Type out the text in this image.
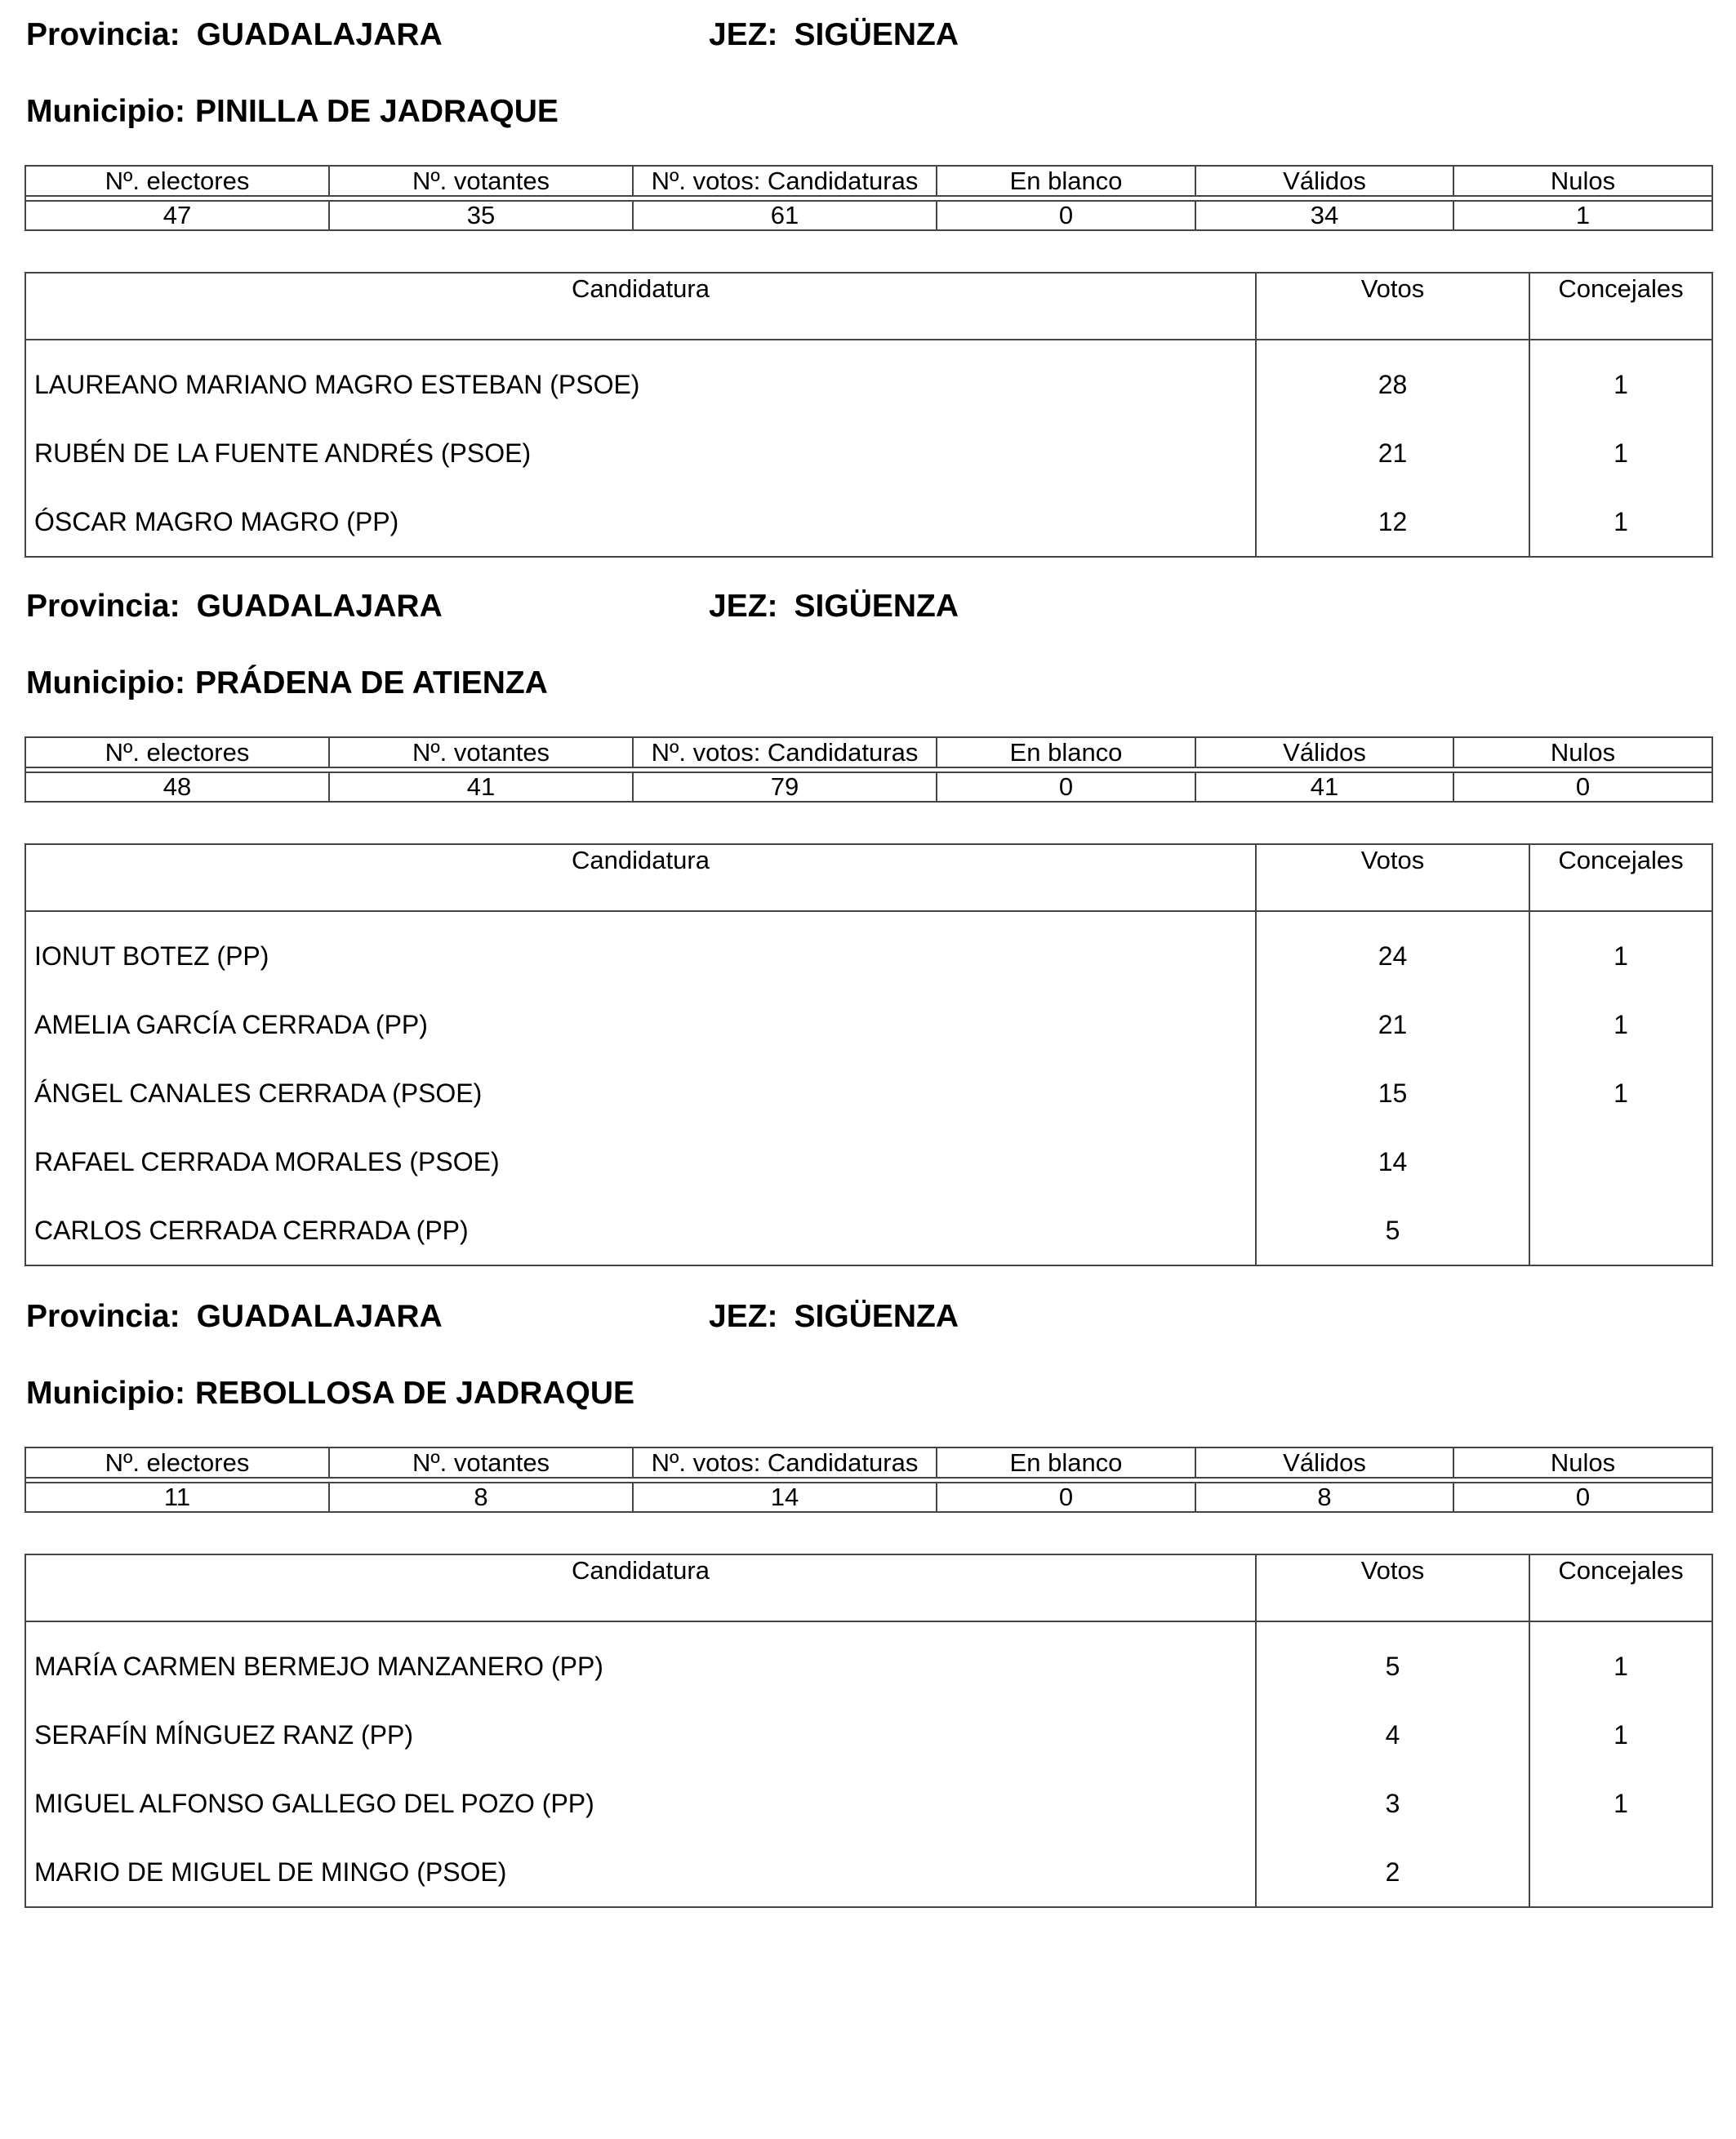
Provincia: GUADALAJARA	JEZ: SIGÜENZA
Municipio: PINILLA DE JADRAQUE
Nº. electores	Nº. votantes	Nº. votos: Candidaturas	En blanco	Válidos	Nulos

47	35	61	0	34	1
Candidatura	Votos	Concejales
LAUREANO MARIANO MAGRO ESTEBAN (PSOE)	28	1
RUBÉN DE LA FUENTE ANDRÉS (PSOE)	21	1
ÓSCAR MAGRO MAGRO (PP)	12	1
Provincia: GUADALAJARA	JEZ: SIGÜENZA
Municipio: PRÁDENA DE ATIENZA
Nº. electores	Nº. votantes	Nº. votos: Candidaturas	En blanco	Válidos	Nulos

48	41	79	0	41	0
Candidatura	Votos	Concejales
IONUT BOTEZ (PP)	24	1
AMELIA GARCÍA CERRADA (PP)	21	1
ÁNGEL CANALES CERRADA (PSOE)	15	1
RAFAEL CERRADA MORALES (PSOE)	14	
CARLOS CERRADA CERRADA (PP)	5	
Provincia: GUADALAJARA	JEZ: SIGÜENZA
Municipio: REBOLLOSA DE JADRAQUE
Nº. electores	Nº. votantes	Nº. votos: Candidaturas	En blanco	Válidos	Nulos

11	8	14	0	8	0
Candidatura	Votos	Concejales
MARÍA CARMEN BERMEJO MANZANERO (PP)	5	1
SERAFÍN MÍNGUEZ RANZ (PP)	4	1
MIGUEL ALFONSO GALLEGO DEL POZO (PP)	3	1
MARIO DE MIGUEL DE MINGO (PSOE)	2	
